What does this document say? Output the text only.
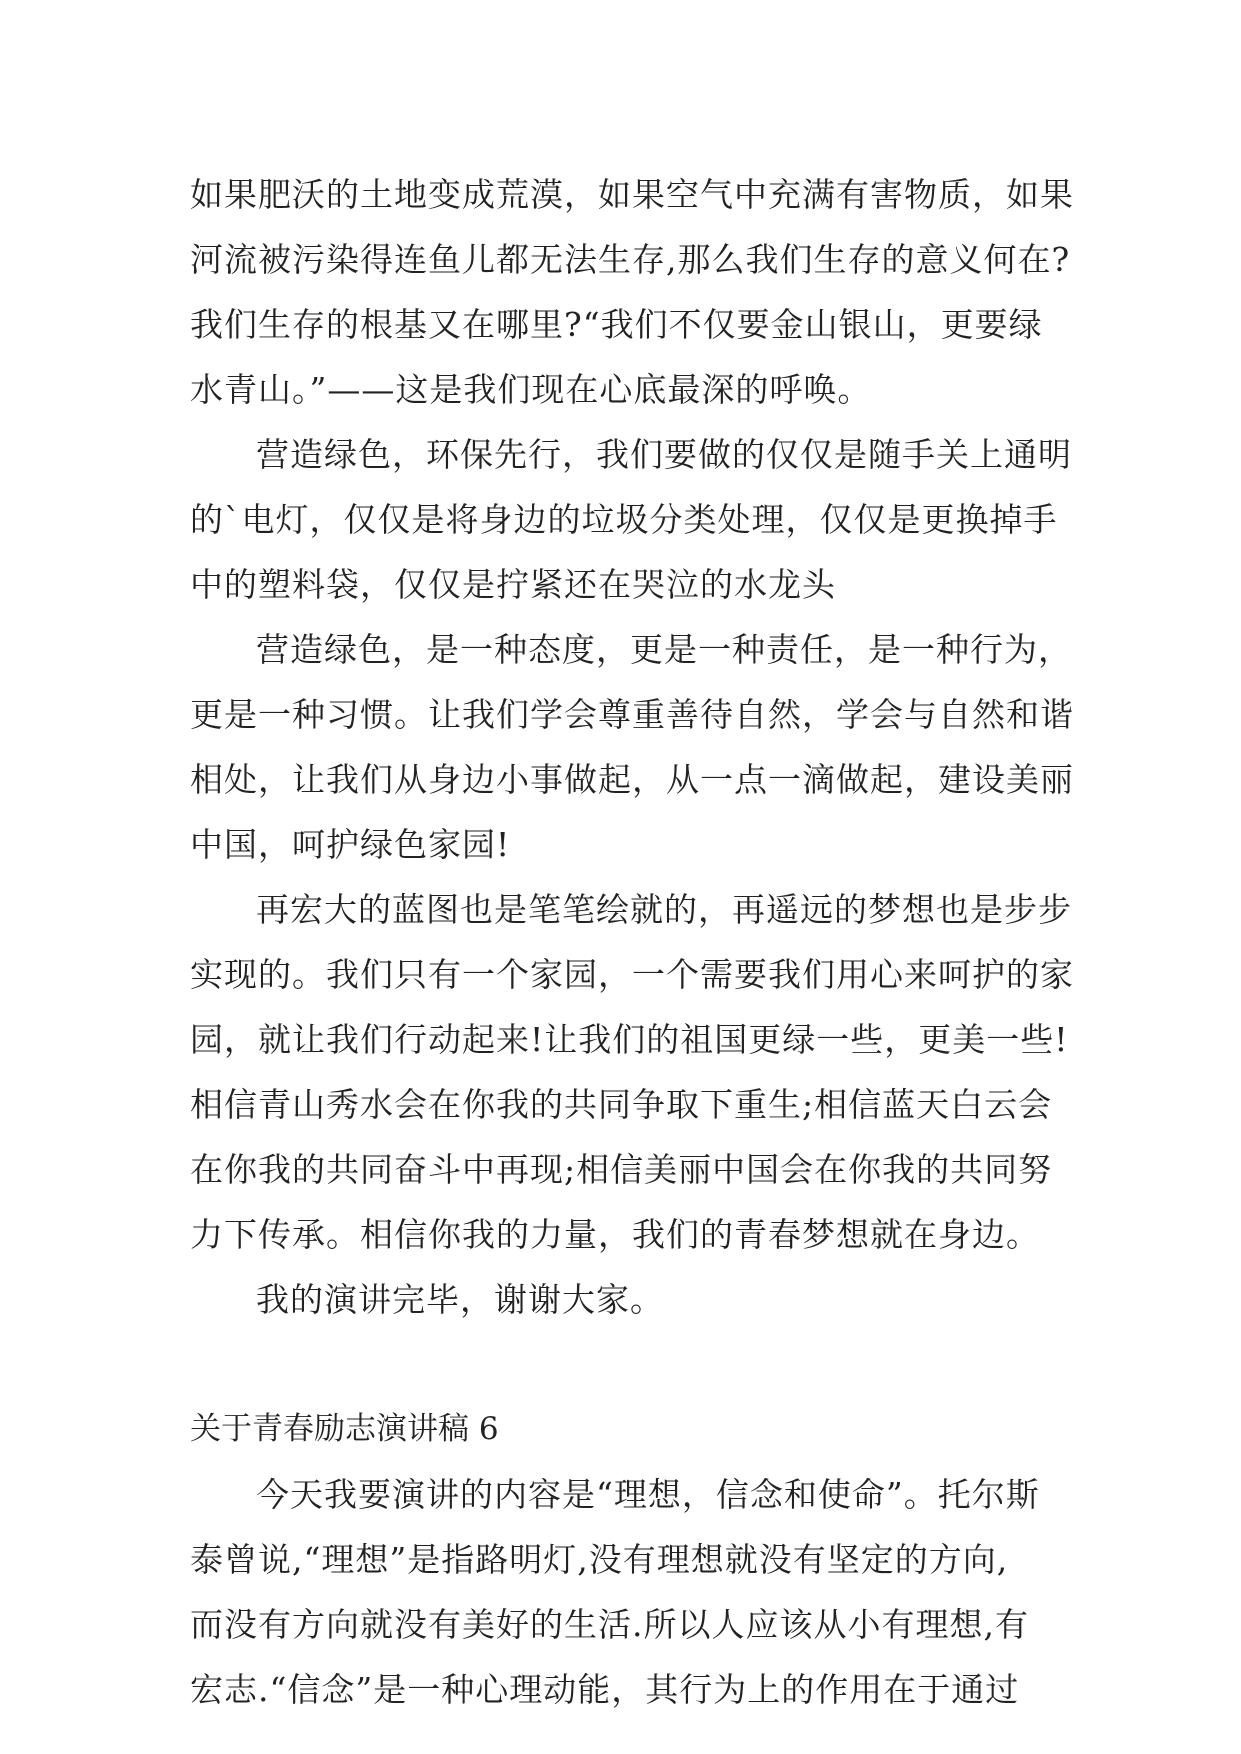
如果肥沃的土地变成荒漠，如果空气中充满有害物质，如果
河流被污染得连鱼儿都无法生存,那么我们生存的意义何在?
我们生存的根基又在哪里?“我们不仅要金山银山，更要绿
水青山。”——这是我们现在心底最深的呼唤。
营造绿色，环保先行，我们要做的仅仅是随手关上通明
的`电灯，仅仅是将身边的垃圾分类处理，仅仅是更换掉手
中的塑料袋，仅仅是拧紧还在哭泣的水龙头
营造绿色，是一种态度，更是一种责任，是一种行为，
更是一种习惯。让我们学会尊重善待自然，学会与自然和谐
相处，让我们从身边小事做起，从一点一滴做起，建设美丽
中国，呵护绿色家园!
再宏大的蓝图也是笔笔绘就的，再遥远的梦想也是步步
实现的。我们只有一个家园，一个需要我们用心来呵护的家
园，就让我们行动起来!让我们的祖国更绿一些，更美一些!
相信青山秀水会在你我的共同争取下重生;相信蓝天白云会
在你我的共同奋斗中再现;相信美丽中国会在你我的共同努
力下传承。相信你我的力量，我们的青春梦想就在身边。
我的演讲完毕，谢谢大家。
关于青春励志演讲稿 6
今天我要演讲的内容是“理想，信念和使命”。托尔斯
泰曾说,“理想”是指路明灯,没有理想就没有坚定的方向,
而没有方向就没有美好的生活.所以人应该从小有理想,有
宏志.“信念”是一种心理动能，其行为上的作用在于通过
